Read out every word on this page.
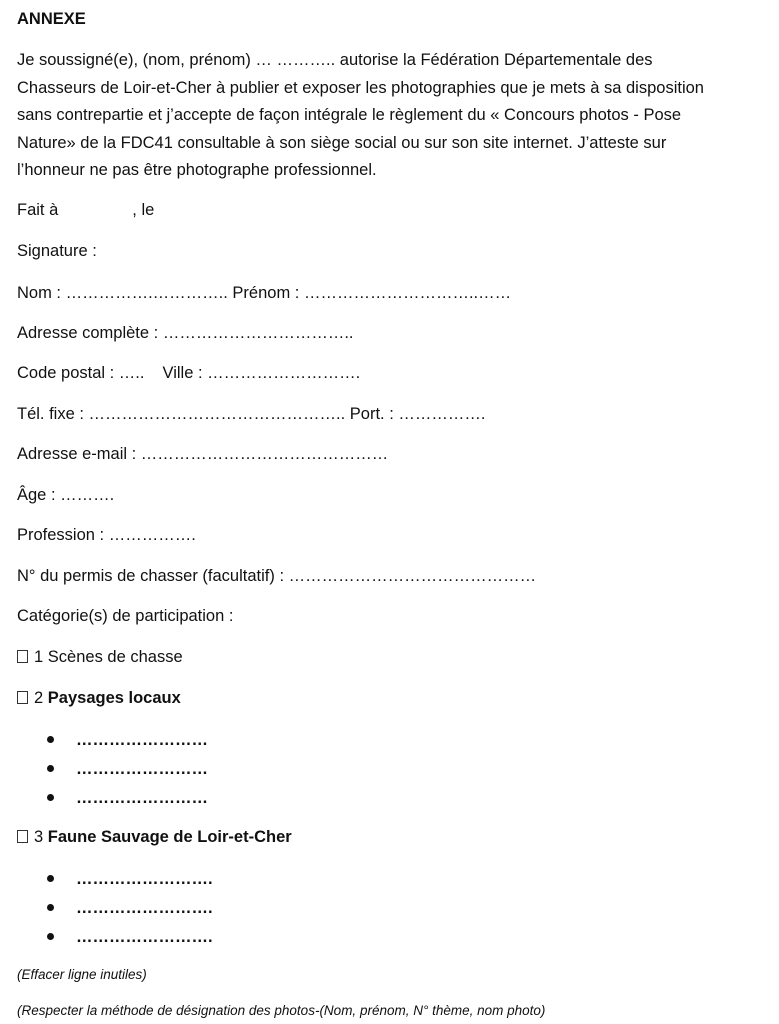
ANNEXE
Je soussigné(e), (nom, prénom) … ……….. autorise la Fédération Départementale des
Chasseurs de Loir-et-Cher à publier et exposer les photographies que je mets à sa disposition
sans contrepartie et j’accepte de façon intégrale le règlement du « Concours photos - Pose
Nature» de la FDC41 consultable à son siège social ou sur son site internet. J’atteste sur
l’honneur ne pas être photographe professionnel.
Fait à	, le
Signature :
Nom : …………….………….. Prénom : …………………………..……
Adresse complète : ……………………………..
Code postal : ….. Ville : ……………………….
Tél. fixe : ……………………………………….. Port. : …………….
Adresse e-mail : ………………………………………
Âge : ……….
Profession : …………….
N° du permis de chasser (facultatif) : ………………………………………
Catégorie(s) de participation :
1 Scènes de chasse
2 Paysages locaux
……………………
……………………
……………………
3 Faune Sauvage de Loir-et-Cher
…………………….
…………………….
…………………….
(Effacer ligne inutiles)
(Respecter la méthode de désignation des photos-(Nom, prénom, N° thème, nom photo)
